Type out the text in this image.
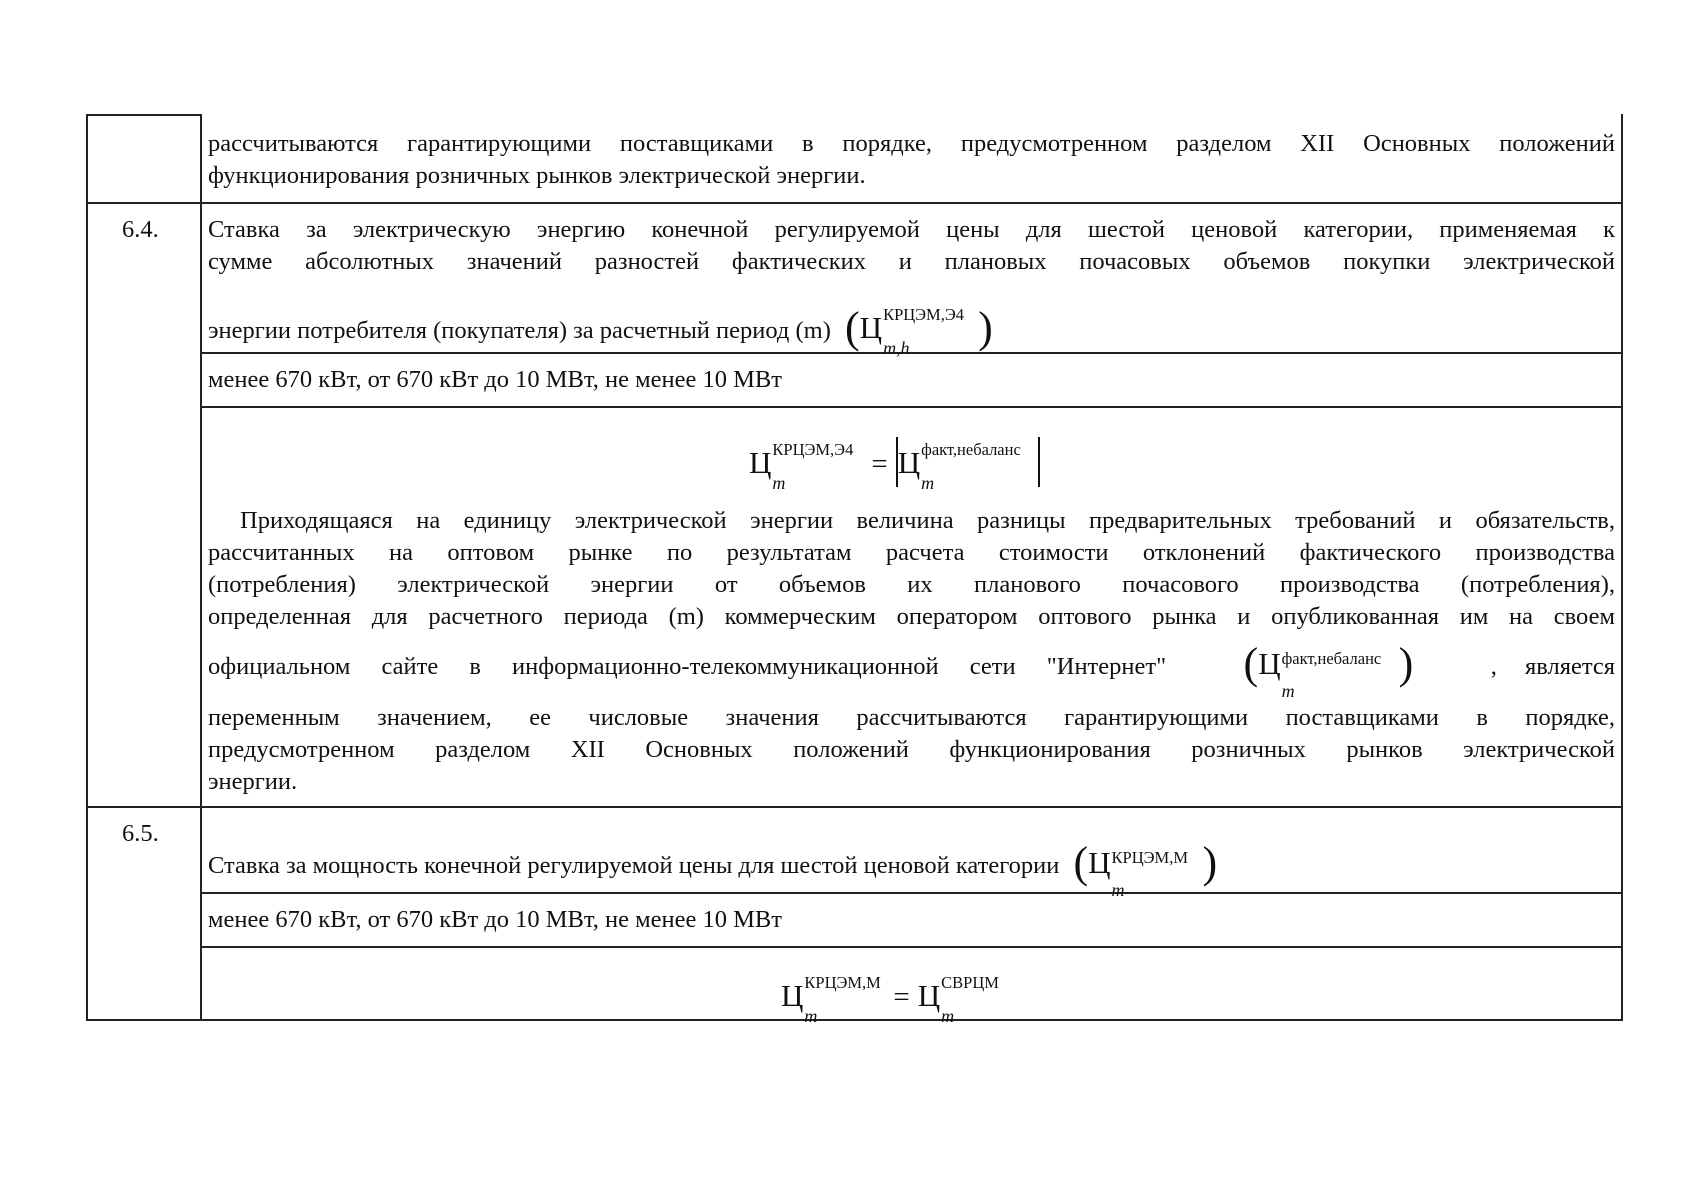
рассчитываются гарантирующими поставщиками в порядке, предусмотренном разделом XII Основных положений функционирования розничных рынков электрической энергии.
6.4. Ставка за электрическую энергию конечной регулируемой цены для шестой ценовой категории, применяемая к
сумме абсолютных значений разностей фактических и плановых почасовых объемов покупки электрической
энергии потребителя (покупателя) за расчетный период (m) (Ц КРЦЭМ,Э4
m,h )
менее 670 кВт, от 670 кВт до 10 МВт, не менее 10 МВт
Ц КРЦЭМ,Э4
m
= Ц факт,небаланс
m
Приходящаяся на единицу электрической энергии величина разницы предварительных требований и обязательств,
рассчитанных на оптовом рынке по результатам расчета стоимости отклонений фактического производства
(потребления) электрической энергии от объемов их планового почасового производства (потребления),
определенная для расчетного периода (m) коммерческим оператором оптового рынка и опубликованная им на своем
официальном сайте в информационно-телекоммуникационной сети "Интернет" (Ц факт,небаланс
m
)	, является
переменным значением, ее числовые значения рассчитываются гарантирующими поставщиками в порядке,
предусмотренном разделом XII Основных положений функционирования розничных рынков электрической
энергии.
6.5.
Ставка за мощность конечной регулируемой цены для шестой ценовой категории (Ц КРЦЭМ,М
m
)
менее 670 кВт, от 670 кВт до 10 МВт, не менее 10 МВт
Ц КРЦЭМ,М
m
= Ц СВРЦМ
m
